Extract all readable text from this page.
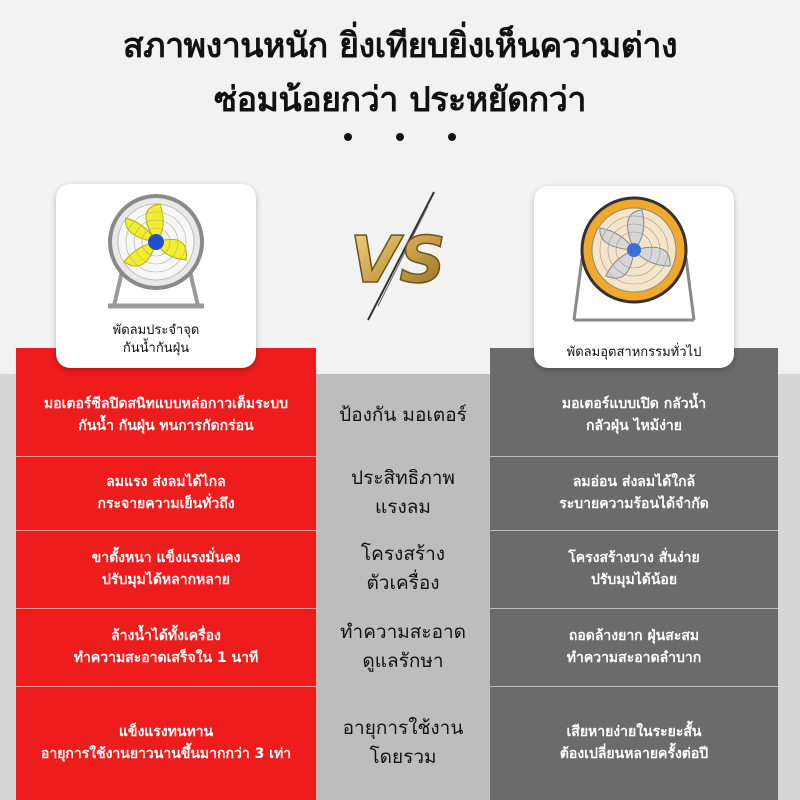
สภาพงานหนัก ยิ่งเทียบยิ่งเห็นความต่าง
ซ่อมน้อยกว่า ประหยัดกว่า
มอเตอร์ซีลปิดสนิทแบบหล่อกาวเต็มระบบ
กันน้ำ กันฝุ่น ทนการกัดกร่อน
ลมแรง ส่งลมได้ไกล
กระจายความเย็นทั่วถึง
ขาตั้งหนา แข็งแรงมั่นคง
ปรับมุมได้หลากหลาย
ล้างน้ำได้ทั้งเครื่อง
ทำความสะอาดเสร็จใน 1 นาที
แข็งแรงทนทาน
อายุการใช้งานยาวนานขึ้นมากกว่า 3 เท่า
ป้องกัน มอเตอร์
ประสิทธิภาพ
แรงลม
โครงสร้าง
ตัวเครื่อง
ทำความสะอาด
ดูแลรักษา
อายุการใช้งาน
โดยรวม
มอเตอร์แบบเปิด กลัวน้ำ
กลัวฝุ่น ไหม้ง่าย
ลมอ่อน ส่งลมได้ใกล้
ระบายความร้อนได้จำกัด
โครงสร้างบาง สั่นง่าย
ปรับมุมได้น้อย
ถอดล้างยาก ฝุ่นสะสม
ทำความสะอาดลำบาก
เสียหายง่ายในระยะสั้น
ต้องเปลี่ยนหลายครั้งต่อปี
พัดลมประจำจุด
กันน้ำกันฝุ่น
VS
พัดลมอุตสาหกรรมทั่วไป
